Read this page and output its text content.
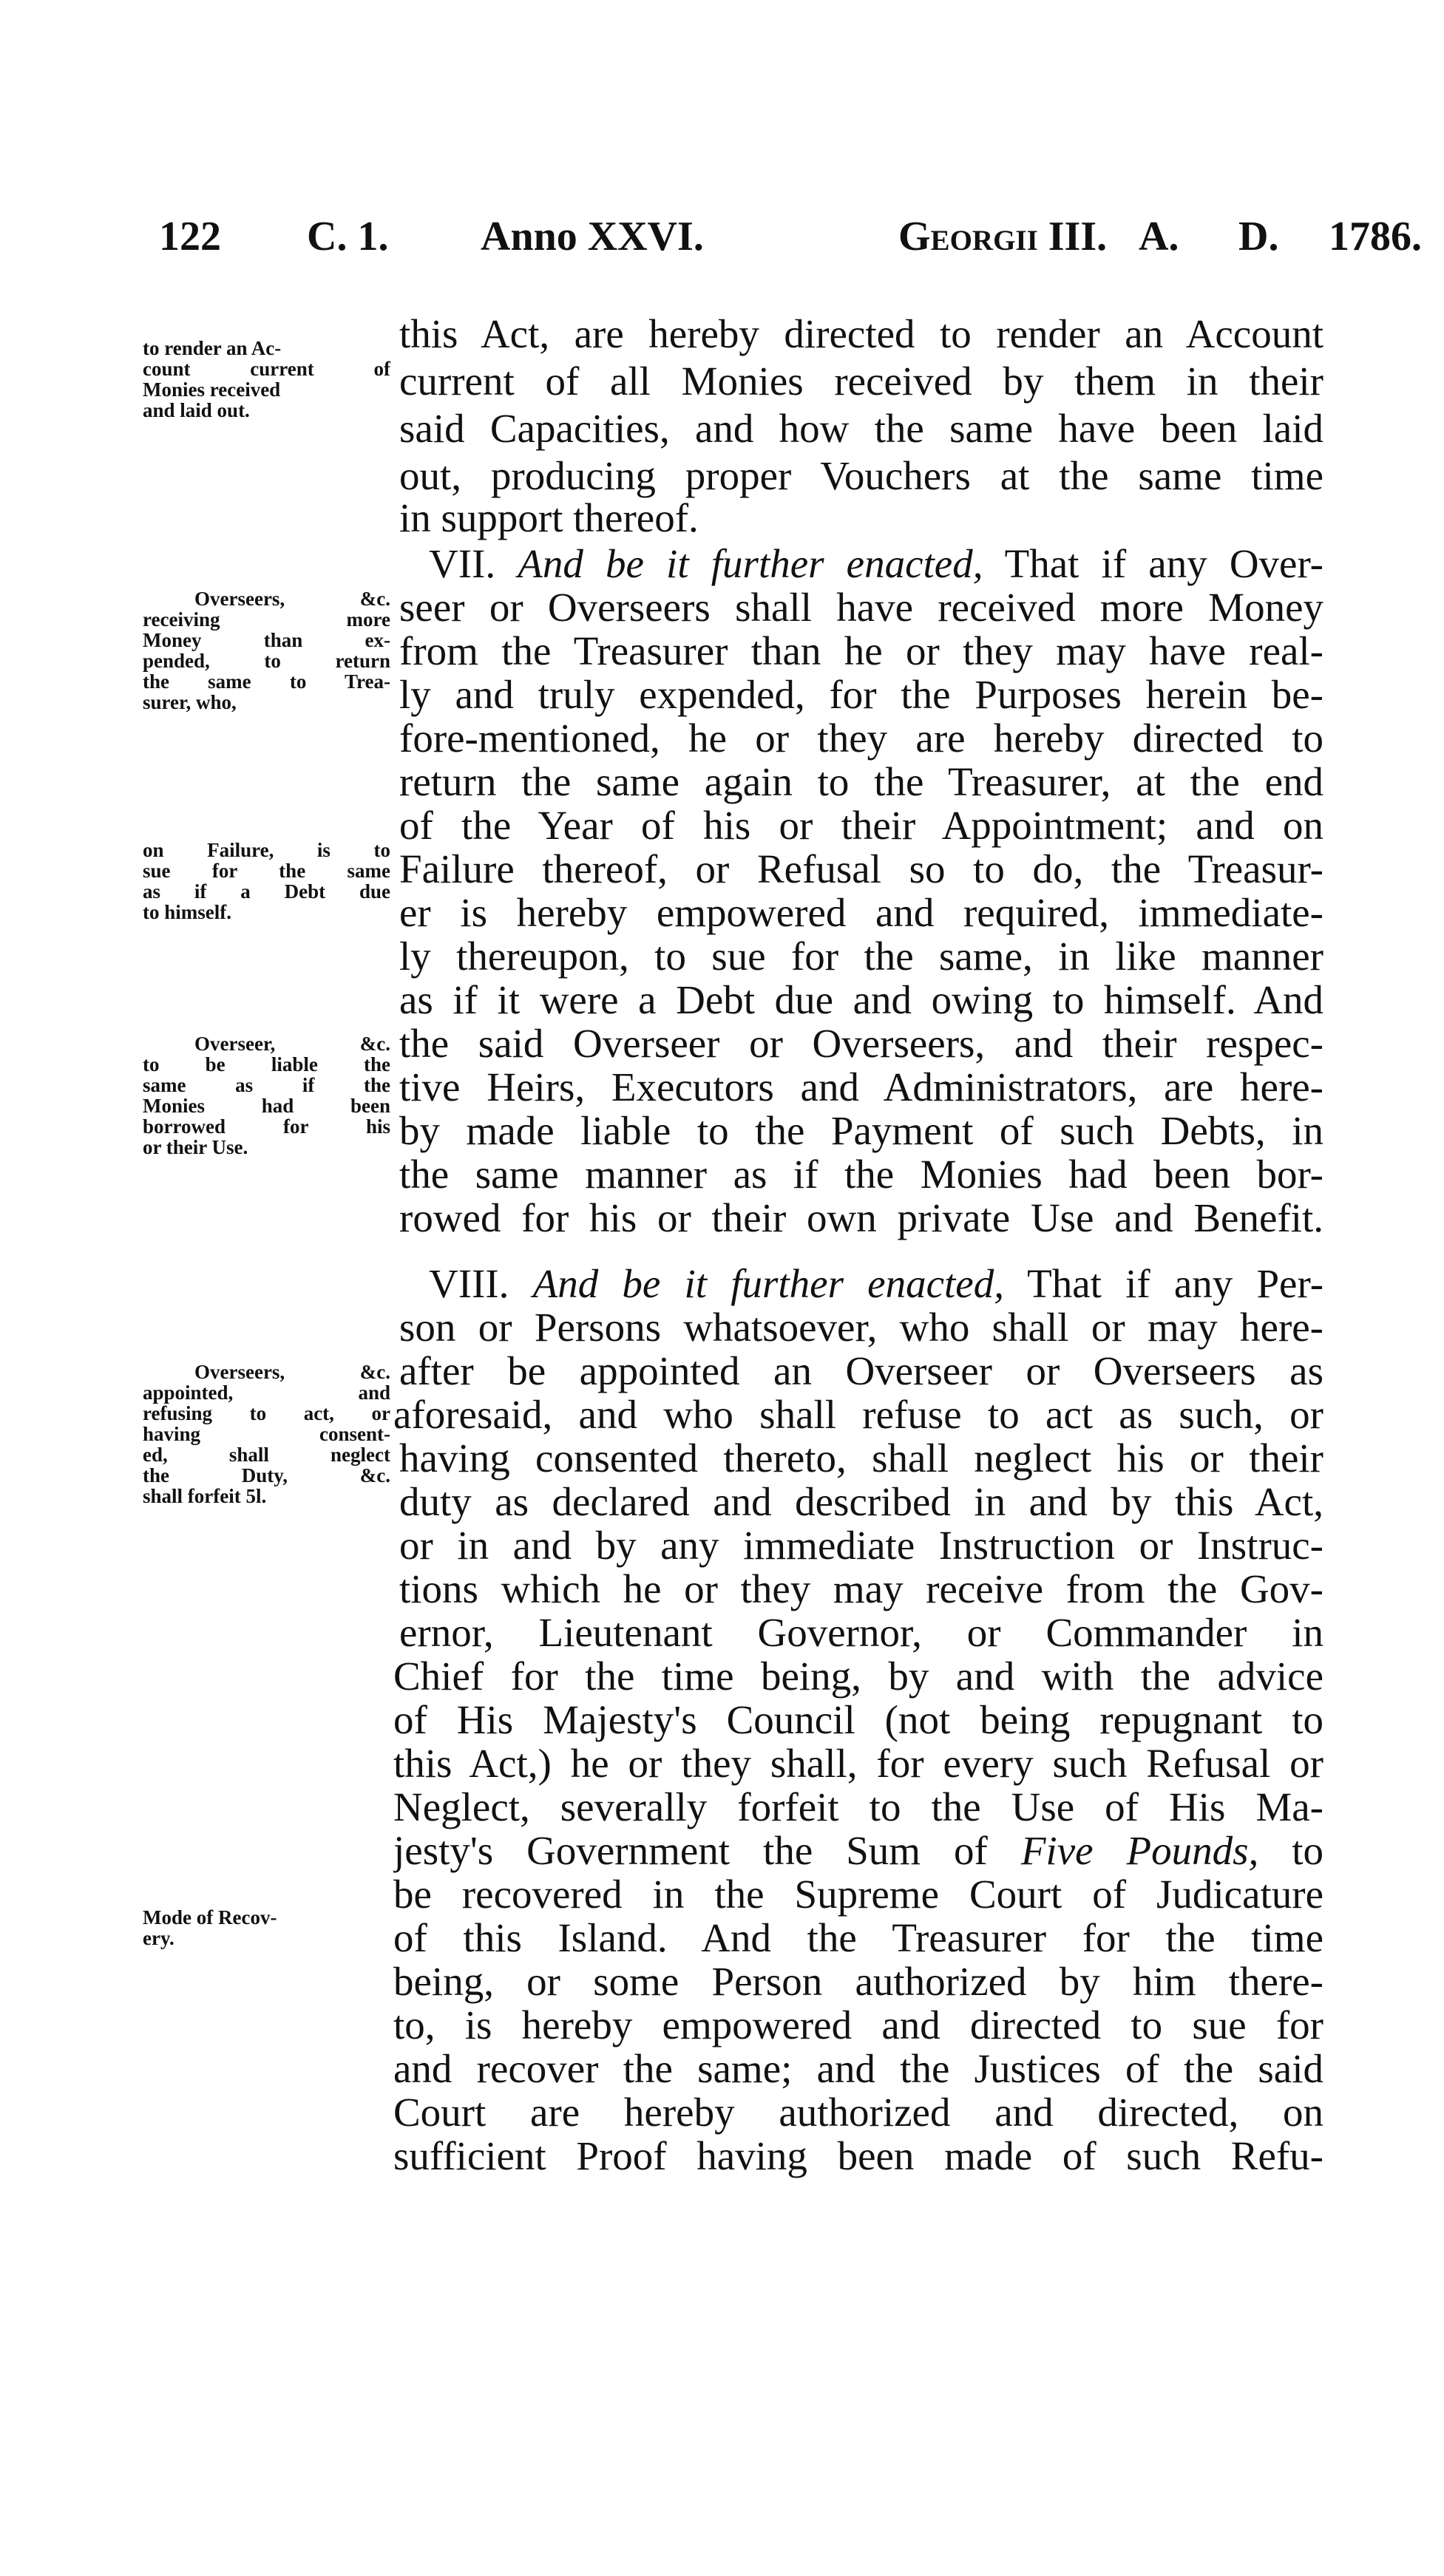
122 C. 1. Anno XXVI.	Georgii III. A. D. 1786.
this Act, are hereby directed to render an Account
current of all Monies received by them in their
said Capacities, and how the same have been laid
out, producing proper Vouchers at the same time
in support thereof.
VII. And be it further enacted, That if any Over-
seer or Overseers shall have received more Money
from the Treasurer than he or they may have real-
ly and truly expended, for the Purposes herein be-
fore-mentioned, he or they are hereby directed to
return the same again to the Treasurer, at the end
of the Year of his or their Appointment; and on
Failure thereof, or Refusal so to do, the Treasur-
er is hereby empowered and required, immediate-
ly thereupon, to sue for the same, in like manner
as if it were a Debt due and owing to himself. And
the said Overseer or Overseers, and their respec-
tive Heirs, Executors and Administrators, are here-
by made liable to the Payment of such Debts, in
the same manner as if the Monies had been bor-
rowed for his or their own private Use and Benefit.
VIII. And be it further enacted, That if any Per-
son or Persons whatsoever, who shall or may here-
after be appointed an Overseer or Overseers as
aforesaid, and who shall refuse to act as such, or
having consented thereto, shall neglect his or their
duty as declared and described in and by this Act,
or in and by any immediate Instruction or Instruc-
tions which he or they may receive from the Gov-
ernor, Lieutenant Governor, or Commander in
Chief for the time being, by and with the advice
of His Majesty's Council (not being repugnant to
this Act,) he or they shall, for every such Refusal or
Neglect, severally forfeit to the Use of His Ma-
jesty's Government the Sum of Five Pounds, to
be recovered in the Supreme Court of Judicature
of this Island. And the Treasurer for the time
being, or some Person authorized by him there-
to, is hereby empowered and directed to sue for
and recover the same; and the Justices of the said
Court are hereby authorized and directed, on
sufficient Proof having been made of such Refu-
to render an Ac-
count current of
Monies received
and laid out.
Overseers, &c.
receiving more
Money than ex-
pended, to return
the same to Trea-
surer, who,
on Failure, is to
sue for the same
as if a Debt due
to himself.
Overseer, &c.
to be liable the
same as if the
Monies had been
borrowed for his
or their Use.
Overseers, &c.
appointed, and
refusing to act, or
having consent-
ed, shall neglect
the Duty, &c.
shall forfeit 5l.
Mode of Recov-
ery.
